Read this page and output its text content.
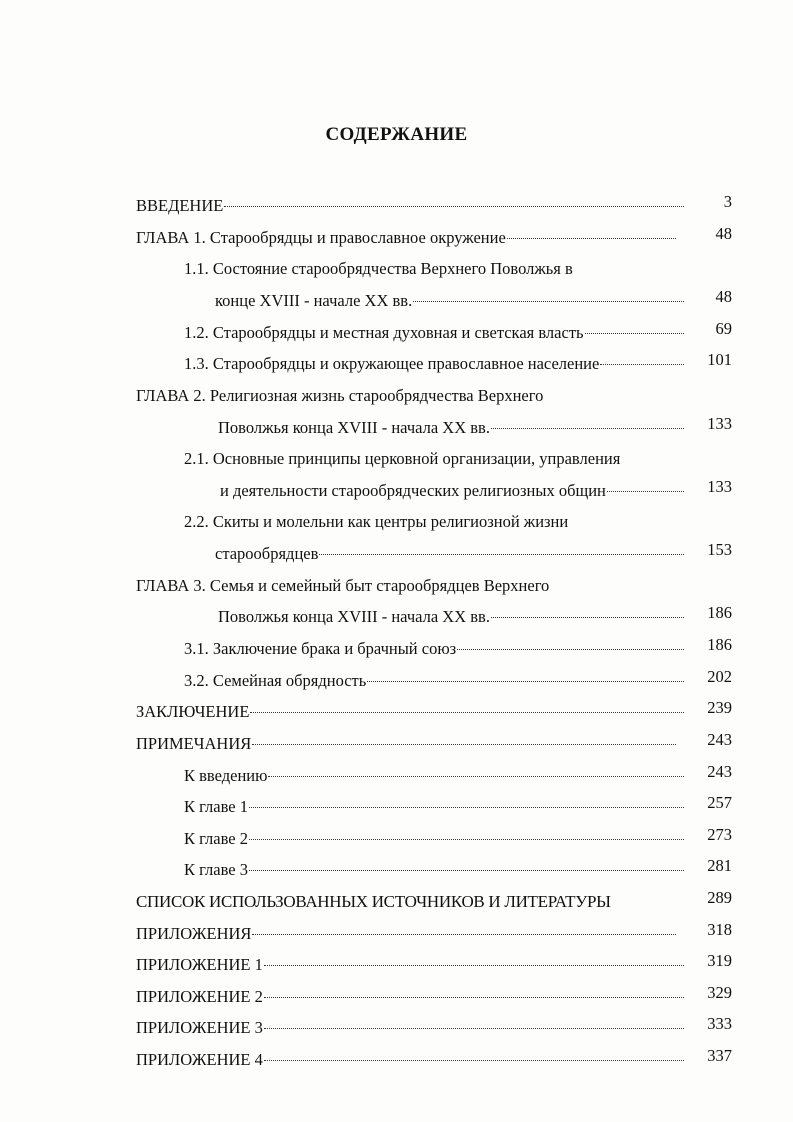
СОДЕРЖАНИЕ
ВВЕДЕНИЕ	3
ГЛАВА 1. Старообрядцы и православное окружение	48
1.1. Состояние старообрядчества Верхнего Поволжья в
конце XVIII - начале XX вв.	48
1.2. Старообрядцы и местная духовная и светская власть	69
1.3. Старообрядцы и окружающее православное население	101
ГЛАВА 2. Религиозная жизнь старообрядчества Верхнего
Поволжья конца XVIII - начала XX вв.	133
2.1. Основные принципы церковной организации, управления
и деятельности старообрядческих религиозных общин	133
2.2. Скиты и молельни как центры религиозной жизни
старообрядцев	153
ГЛАВА 3. Семья и семейный быт старообрядцев Верхнего
Поволжья конца XVIII - начала XX вв.	186
3.1. Заключение брака и брачный союз	186
3.2. Семейная обрядность	202
ЗАКЛЮЧЕНИЕ	239
ПРИМЕЧАНИЯ	243
К введению	243
К главе 1	257
К главе 2	273
К главе 3	281
СПИСОК ИСПОЛЬЗОВАННЫХ ИСТОЧНИКОВ И ЛИТЕРАТУРЫ	289
ПРИЛОЖЕНИЯ	318
ПРИЛОЖЕНИЕ 1	319
ПРИЛОЖЕНИЕ 2	329
ПРИЛОЖЕНИЕ 3	333
ПРИЛОЖЕНИЕ 4	337
